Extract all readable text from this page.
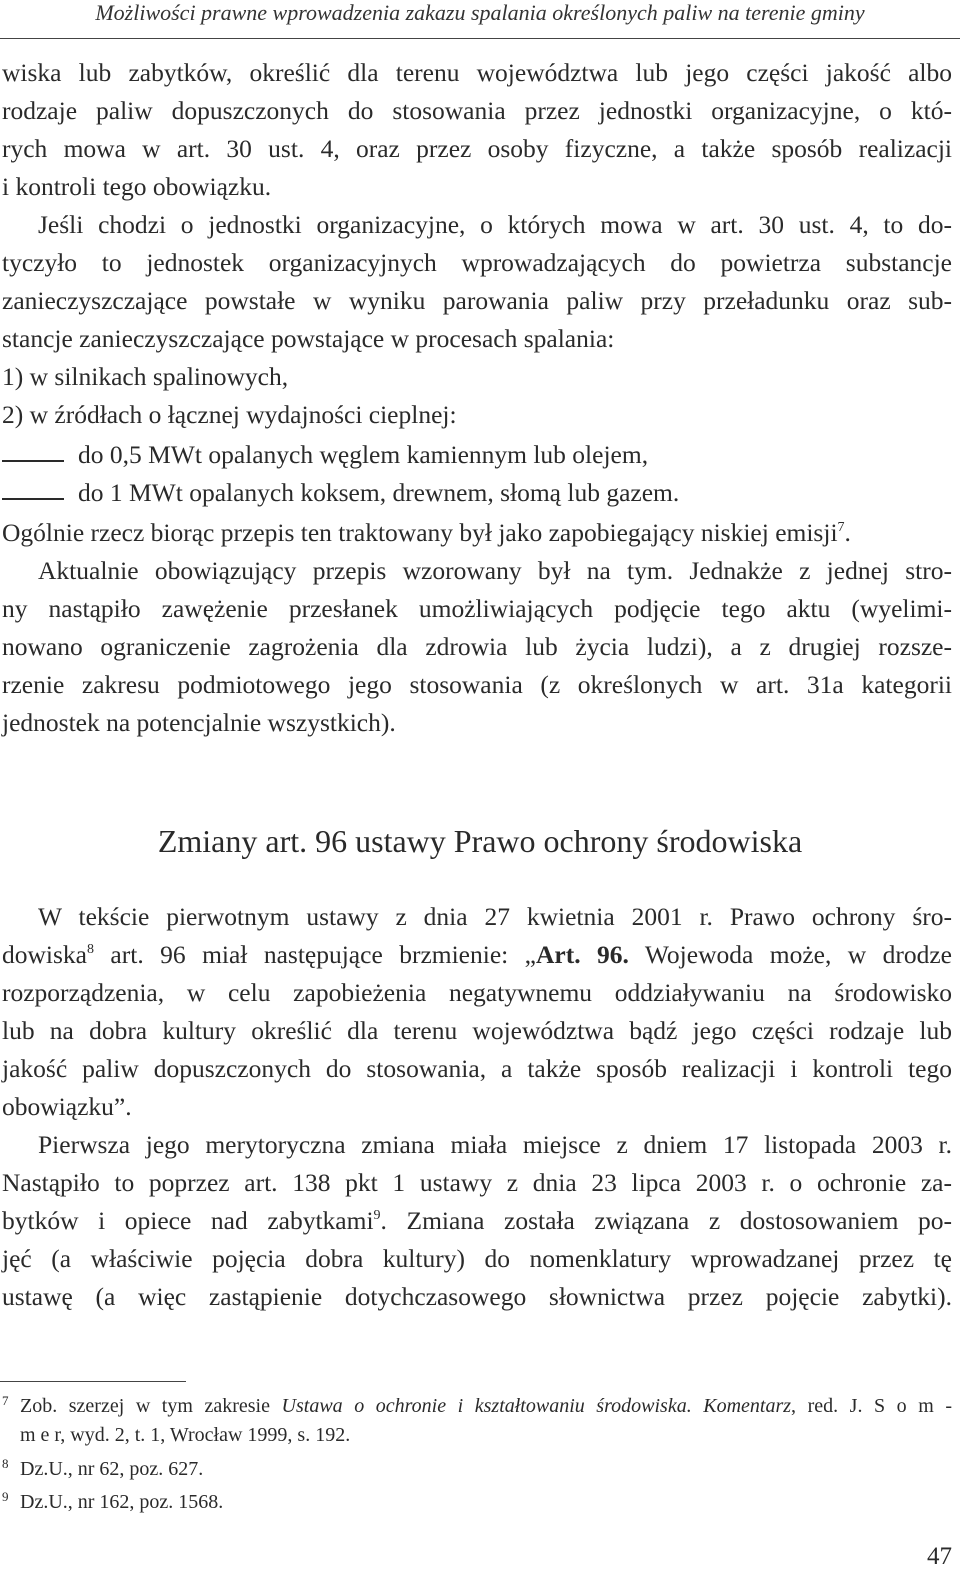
Możliwości prawne wprowadzenia zakazu spalania określonych paliw na terenie gminy
wiska lub zabytków, określić dla terenu województwa lub jego części jakość albo
rodzaje paliw dopuszczonych do stosowania przez jednostki organizacyjne, o któ-
rych mowa w art. 30 ust. 4, oraz przez osoby fizyczne, a także sposób realizacji
i kontroli tego obowiązku.
Jeśli chodzi o jednostki organizacyjne, o których mowa w art. 30 ust. 4, to do-
tyczyło to jednostek organizacyjnych wprowadzających do powietrza substancje
zanieczyszczające powstałe w wyniku parowania paliw przy przeładunku oraz sub-
stancje zanieczyszczające powstające w procesach spalania:
1) w silnikach spalinowych,
2) w źródłach o łącznej wydajności cieplnej:
do 0,5 MWt opalanych węglem kamiennym lub olejem,
do 1 MWt opalanych koksem, drewnem, słomą lub gazem.
Ogólnie rzecz biorąc przepis ten traktowany był jako zapobiegający niskiej emisji$^7$.
Aktualnie obowiązujący przepis wzorowany był na tym. Jednakże z jednej stro-
ny nastąpiło zawężenie przesłanek umożliwiających podjęcie tego aktu (wyelimi-
nowano ograniczenie zagrożenia dla zdrowia lub życia ludzi), a z drugiej rozsze-
rzenie zakresu podmiotowego jego stosowania (z określonych w art. 31a kategorii
jednostek na potencjalnie wszystkich).
Zmiany art. 96 ustawy Prawo ochrony środowiska
W tekście pierwotnym ustawy z dnia 27 kwietnia 2001 r. Prawo ochrony śro-
dowiska$^8$ art. 96 miał następujące brzmienie: „Art. 96. Wojewoda może, w drodze
rozporządzenia, w celu zapobieżenia negatywnemu oddziaływaniu na środowisko
lub na dobra kultury określić dla terenu województwa bądź jego części rodzaje lub
jakość paliw dopuszczonych do stosowania, a także sposób realizacji i kontroli tego
obowiązku”.
Pierwsza jego merytoryczna zmiana miała miejsce z dniem 17 listopada 2003 r.
Nastąpiło to poprzez art. 138 pkt 1 ustawy z dnia 23 lipca 2003 r. o ochronie za-
bytków i opiece nad zabytkami$^9$. Zmiana została związana z dostosowaniem po-
jęć (a właściwie pojęcia dobra kultury) do nomenklatury wprowadzanej przez tę
ustawę (a więc zastąpienie dotychczasowego słownictwa przez pojęcie zabytki).
7 Zob. szerzej w tym zakresie Ustawa o ochronie i kształtowaniu środowiska. Komentarz, red. J. S o m -
m e r, wyd. 2, t. 1, Wrocław 1999, s. 192.
8 Dz.U., nr 62, poz. 627.
9 Dz.U., nr 162, poz. 1568.
47
